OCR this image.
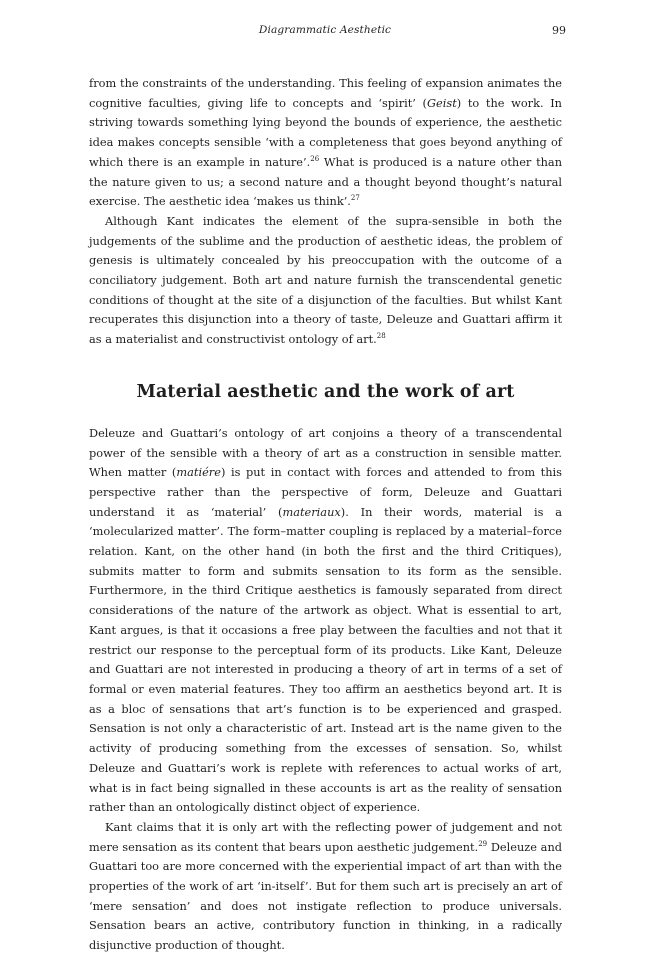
Diagrammatic Aesthetic	99

from the constraints of the understanding. This feeling of expansion animates the cognitive faculties, giving life to concepts and ‘spirit’ (Geist) to the work. In striving towards something lying beyond the bounds of experience, the aesthetic idea makes concepts sensible ‘with a completeness that goes beyond anything of which there is an example in nature’.$^{26}$ What is produced is a nature other than the nature given to us; a second nature and a thought beyond thought’s natural exercise. The aesthetic idea ‘makes us think’.$^{27}$

Although Kant indicates the element of the supra-sensible in both the judgements of the sublime and the production of aesthetic ideas, the problem of genesis is ultimately concealed by his preoccupation with the outcome of a conciliatory judgement. Both art and nature furnish the transcendental genetic conditions of thought at the site of a disjunction of the faculties. But whilst Kant recuperates this disjunction into a theory of taste, Deleuze and Guattari affirm it as a materialist and constructivist ontology of art.$^{28}$

Material aesthetic and the work of art

Deleuze and Guattari’s ontology of art conjoins a theory of a transcendental power of the sensible with a theory of art as a construction in sensible matter. When matter (matiére) is put in contact with forces and attended to from this perspective rather than the perspective of form, Deleuze and Guattari understand it as ‘material’ (materiaux). In their words, material is a ‘molecularized matter’. The form–matter coupling is replaced by a material–force relation. Kant, on the other hand (in both the first and the third Critiques), submits matter to form and submits sensation to its form as the sensible. Furthermore, in the third Critique aesthetics is famously separated from direct considerations of the nature of the artwork as object. What is essential to art, Kant argues, is that it occasions a free play between the faculties and not that it restrict our response to the perceptual form of its products. Like Kant, Deleuze and Guattari are not interested in producing a theory of art in terms of a set of formal or even material features. They too affirm an aesthetics beyond art. It is as a bloc of sensations that art’s function is to be experienced and grasped. Sensation is not only a characteristic of art. Instead art is the name given to the activity of producing something from the excesses of sensation. So, whilst Deleuze and Guattari’s work is replete with references to actual works of art, what is in fact being signalled in these accounts is art as the reality of sensation rather than an ontologically distinct object of experience.

Kant claims that it is only art with the reflecting power of judgement and not mere sensation as its content that bears upon aesthetic judgement.$^{29}$ Deleuze and Guattari too are more concerned with the experiential impact of art than with the properties of the work of art ‘in-itself’. But for them such art is precisely an art of ‘mere sensation’ and does not instigate reflection to produce universals. Sensation bears an active, contributory function in thinking, in a radically disjunctive production of thought.
